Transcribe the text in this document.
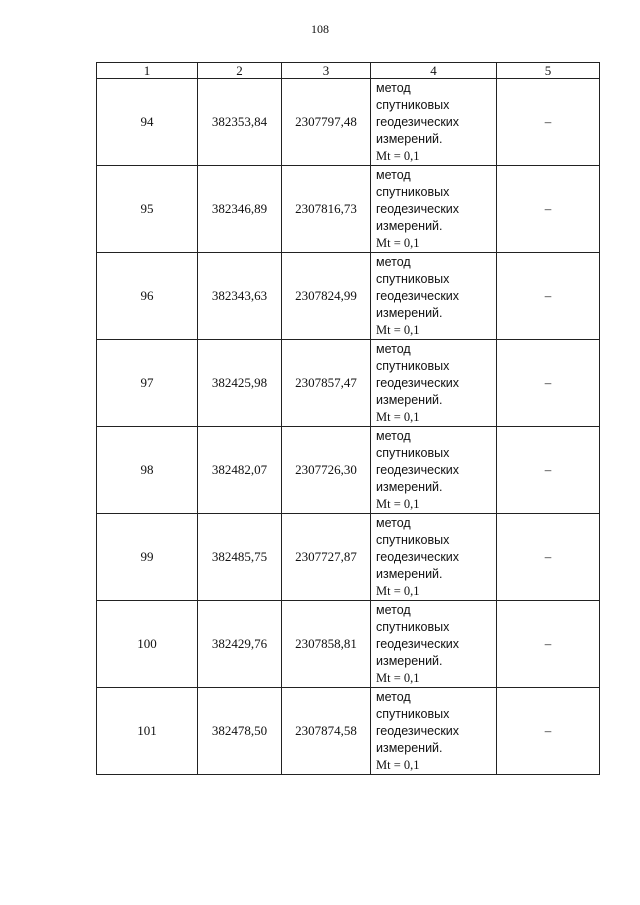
108
1	2	3	4	5
94	382353,84	2307797,48	метод
спутниковых
геодезических
измерений.
Mt = 0,1	–
95	382346,89	2307816,73	метод
спутниковых
геодезических
измерений.
Mt = 0,1	–
96	382343,63	2307824,99	метод
спутниковых
геодезических
измерений.
Mt = 0,1	–
97	382425,98	2307857,47	метод
спутниковых
геодезических
измерений.
Mt = 0,1	–
98	382482,07	2307726,30	метод
спутниковых
геодезических
измерений.
Mt = 0,1	–
99	382485,75	2307727,87	метод
спутниковых
геодезических
измерений.
Mt = 0,1	–
100	382429,76	2307858,81	метод
спутниковых
геодезических
измерений.
Mt = 0,1	–
101	382478,50	2307874,58	метод
спутниковых
геодезических
измерений.
Mt = 0,1	–
